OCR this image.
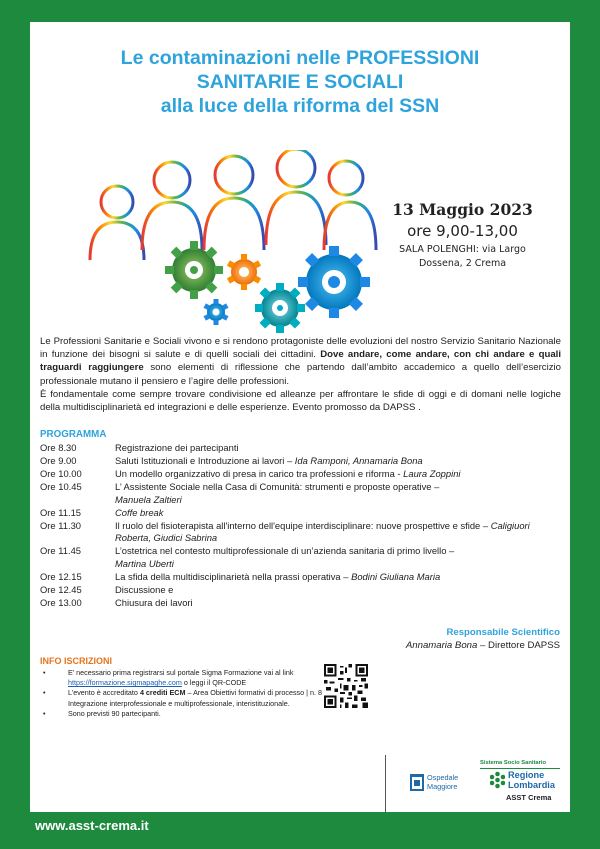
Le contaminazioni nelle PROFESSIONI
SANITARIE E SOCIALI
alla luce della riforma del SSN
13 Maggio 2023
ore 9,00-13,00
SALA POLENGHI: via Largo
Dossena, 2 Crema
Le Professioni Sanitarie e Sociali vivono e si rendono protagoniste delle evoluzioni del nostro Servizio Sanitario Nazionale in funzione dei bisogni si salute e di quelli sociali dei cittadini. Dove andare, come andare, con chi andare e quali traguardi raggiungere sono elementi di riflessione che partendo dall’ambito accademico a quello dell’esercizio professionale mutano il pensiero e l’agire delle professioni.
È fondamentale come sempre trovare condivisione ed alleanze per affrontare le sfide di oggi e di domani nelle logiche della multidisciplinarietà ed integrazioni e delle esperienze. Evento promosso da DAPSS .
PROGRAMMA
Ore 8.30	Registrazione dei partecipanti
Ore 9.00	Saluti Istituzionali e Introduzione ai lavori – Ida Ramponi, Annamaria Bona
Ore 10.00	Un modello organizzativo di presa in carico tra professioni e riforma - Laura Zoppini
Ore 10.45	L’ Assistente Sociale nella Casa di Comunità: strumenti e proposte operative –
Manuela Zaltieri
Ore 11.15	Coffe break
Ore 11.30	Il ruolo del fisioterapista all'interno dell'equipe interdisciplinare: nuove prospettive e sfide – Caligiuori Roberta, Giudici Sabrina
Ore 11.45	L’ostetrica nel contesto multiprofessionale di un’azienda sanitaria di primo livello –
Martina Uberti
Ore 12.15	La sfida della multidisciplinarietà nella prassi operativa – Bodini Giuliana Maria
Ore 12.45	Discussione e
Ore 13.00	Chiusura dei lavori
Responsabile Scientifico
Annamaria Bona – Direttore DAPSS
INFO ISCRIZIONI
• E’ necessario prima registrarsi sul portale Sigma Formazione vai al link https://formazione.sigmapaghe.com o leggi il QR-CODE
• L’evento è accreditato 4 crediti ECM – Area Obiettivi formativi di processo | n. 8 Integrazione interprofessionale e multiprofessionale, interistituzionale.
• Sono previsti 90 partecipanti.
Sistema Socio Sanitario
Ospedale
Maggiore
Regione
Lombardia
ASST Crema
www.asst-crema.it
